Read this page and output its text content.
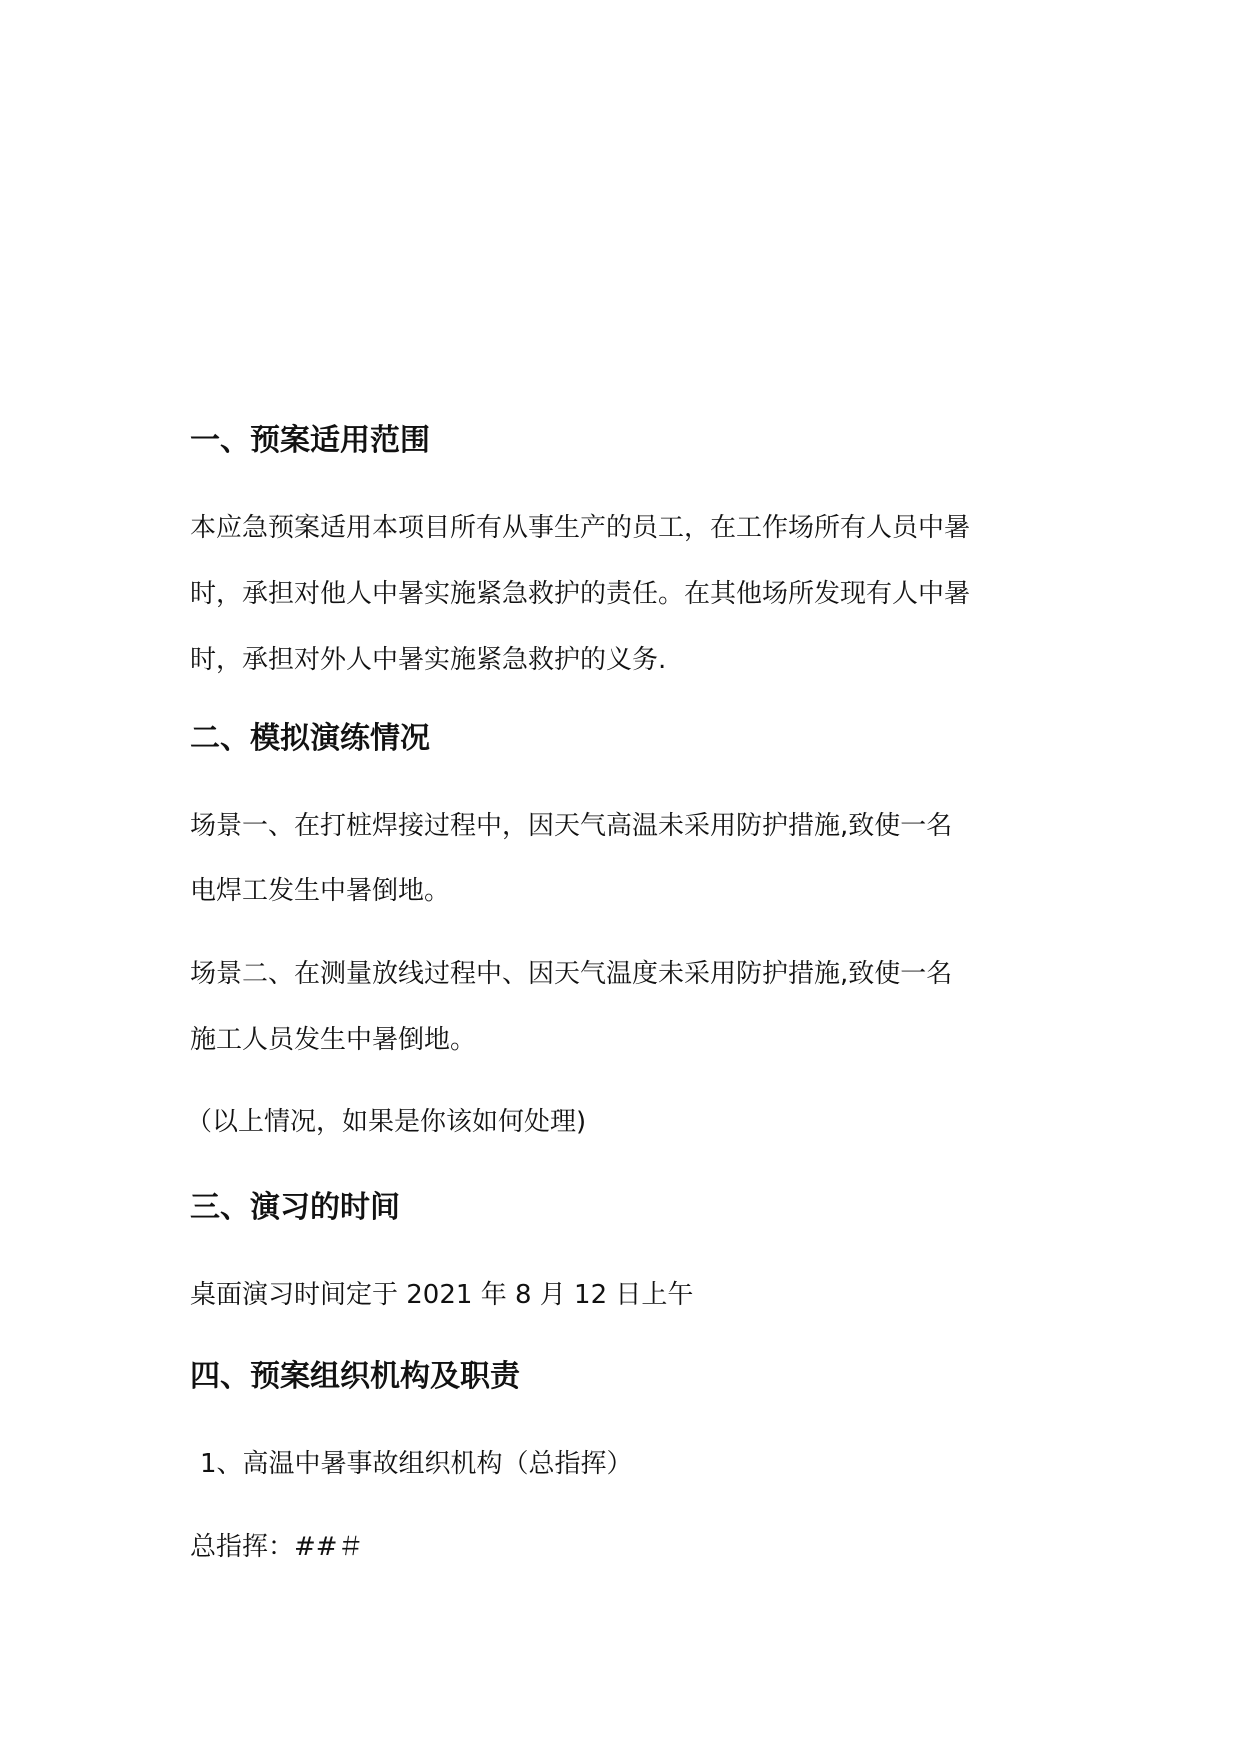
一、预案适用范围
本应急预案适用本项目所有从事生产的员工，在工作场所有人员中暑
时，承担对他人中暑实施紧急救护的责任。在其他场所发现有人中暑
时，承担对外人中暑实施紧急救护的义务.
二、模拟演练情况
场景一、在打桩焊接过程中，因天气高温未采用防护措施,致使一名
电焊工发生中暑倒地。
场景二、在测量放线过程中、因天气温度未采用防护措施,致使一名
施工人员发生中暑倒地。
（以上情况，如果是你该如何处理)
三、演习的时间
桌面演习时间定于 2021 年 8 月 12 日上午
四、预案组织机构及职责
1、高温中暑事故组织机构（总指挥）
总指挥：##＃
